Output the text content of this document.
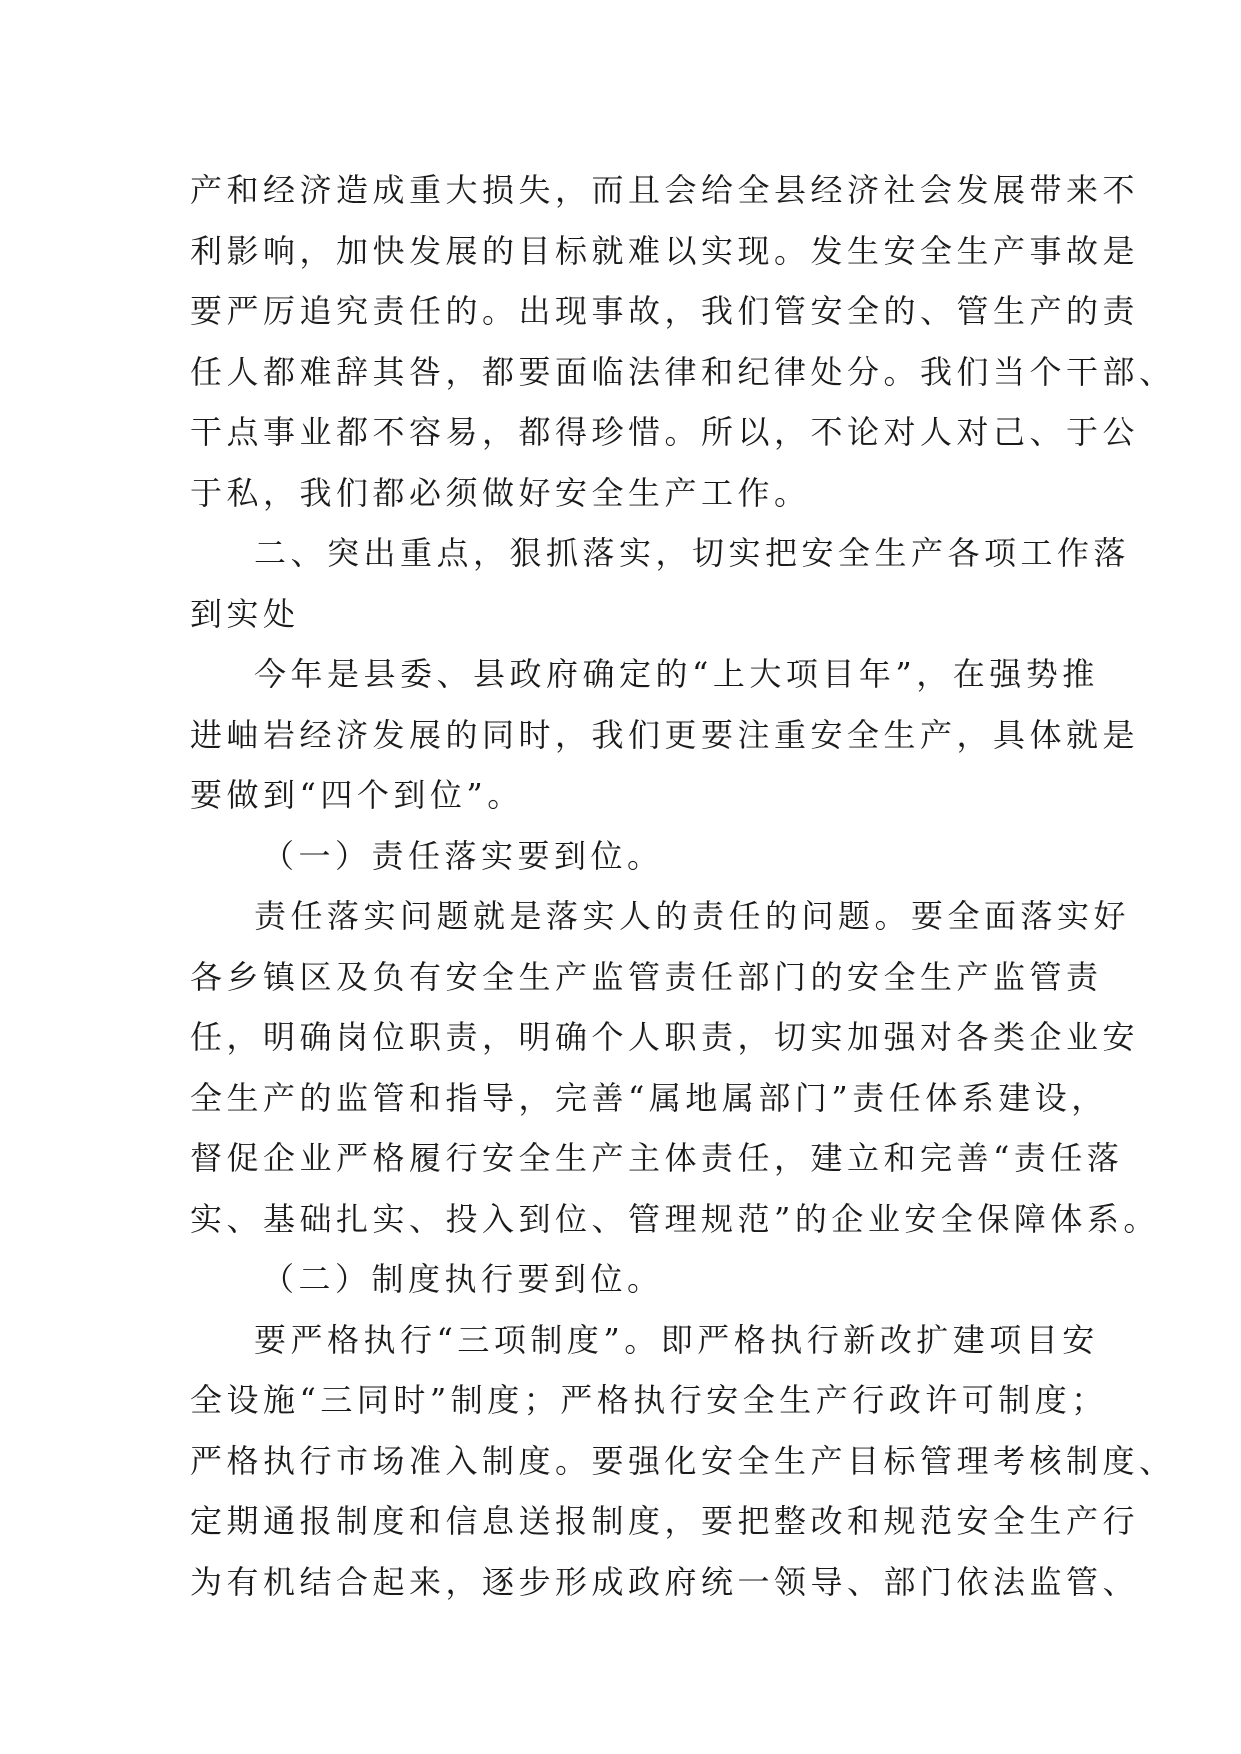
产和经济造成重大损失，而且会给全县经济社会发展带来不
利影响，加快发展的目标就难以实现。发生安全生产事故是
要严厉追究责任的。出现事故，我们管安全的、管生产的责
任人都难辞其咎，都要面临法律和纪律处分。我们当个干部、
干点事业都不容易，都得珍惜。所以，不论对人对己、于公
于私，我们都必须做好安全生产工作。
二、突出重点，狠抓落实，切实把安全生产各项工作落
到实处
今年是县委、县政府确定的“上大项目年”，在强势推
进岫岩经济发展的同时，我们更要注重安全生产，具体就是
要做到“四个到位”。
（一）责任落实要到位。
责任落实问题就是落实人的责任的问题。要全面落实好
各乡镇区及负有安全生产监管责任部门的安全生产监管责
任，明确岗位职责，明确个人职责，切实加强对各类企业安
全生产的监管和指导，完善“属地属部门”责任体系建设，
督促企业严格履行安全生产主体责任，建立和完善“责任落
实、基础扎实、投入到位、管理规范”的企业安全保障体系。
（二）制度执行要到位。
要严格执行“三项制度”。即严格执行新改扩建项目安
全设施“三同时”制度；严格执行安全生产行政许可制度；
严格执行市场准入制度。要强化安全生产目标管理考核制度、
定期通报制度和信息送报制度，要把整改和规范安全生产行
为有机结合起来，逐步形成政府统一领导、部门依法监管、
